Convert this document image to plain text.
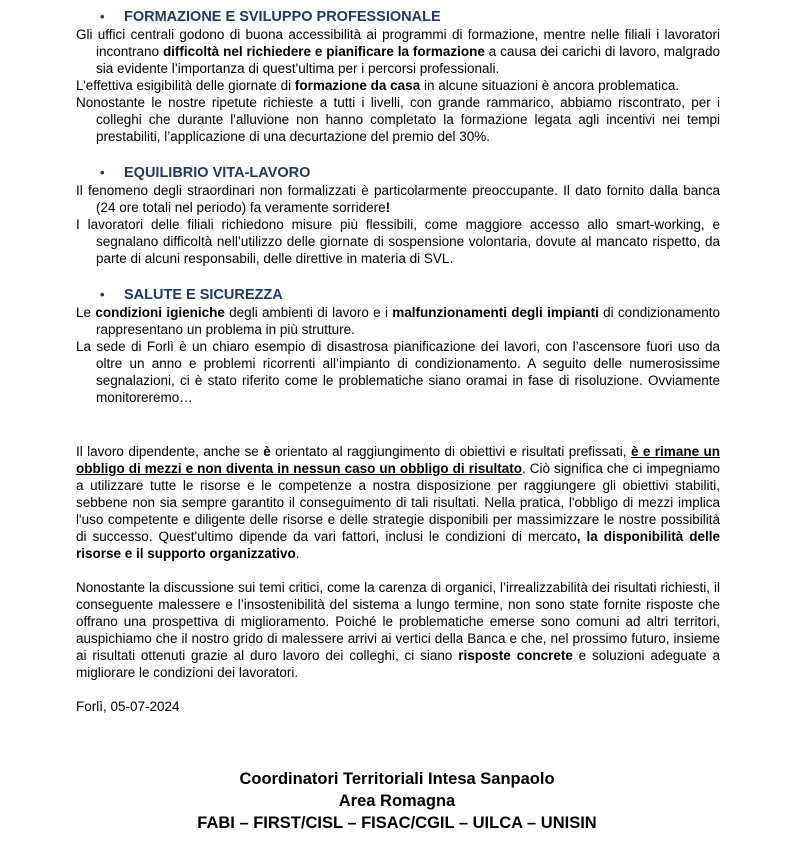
• FORMAZIONE E SVILUPPO PROFESSIONALE

Gli uffici centrali godono di buona accessibilità ai programmi di formazione, mentre nelle filiali i lavoratori incontrano difficoltà nel richiedere e pianificare la formazione a causa dei carichi di lavoro, malgrado sia evidente l’importanza di quest'ultima per i percorsi professionali.

L’effettiva esigibilità delle giornate di formazione da casa in alcune situazioni è ancora problematica.

Nonostante le nostre ripetute richieste a tutti i livelli, con grande rammarico, abbiamo riscontrato, per i colleghi che durante l'alluvione non hanno completato la formazione legata agli incentivi nei tempi prestabiliti, l’applicazione di una decurtazione del premio del 30%.

• EQUILIBRIO VITA-LAVORO

Il fenomeno degli straordinari non formalizzati è particolarmente preoccupante. Il dato fornito dalla banca (24 ore totali nel periodo) fa veramente sorridere!

I lavoratori delle filiali richiedono misure più flessibili, come maggiore accesso allo smart-working, e segnalano difficoltà nell’utilizzo delle giornate di sospensione volontaria, dovute al mancato rispetto, da parte di alcuni responsabili, delle direttive in materia di SVL.

• SALUTE E SICUREZZA

Le condizioni igieniche degli ambienti di lavoro e i malfunzionamenti degli impianti di condizionamento rappresentano un problema in più strutture.

La sede di Forlì è un chiaro esempio di disastrosa pianificazione dei lavori, con l’ascensore fuori uso da oltre un anno e problemi ricorrenti all’impianto di condizionamento. A seguito delle numerosissime segnalazioni, ci è stato riferito come le problematiche siano oramai in fase di risoluzione. Ovviamente monitoreremo…

Il lavoro dipendente, anche se è orientato al raggiungimento di obiettivi e risultati prefissati, è e rimane un obbligo di mezzi e non diventa in nessun caso un obbligo di risultato. Ciò significa che ci impegniamo a utilizzare tutte le risorse e le competenze a nostra disposizione per raggiungere gli obiettivi stabiliti, sebbene non sia sempre garantito il conseguimento di tali risultati. Nella pratica, l'obbligo di mezzi implica l'uso competente e diligente delle risorse e delle strategie disponibili per massimizzare le nostre possibilità di successo. Quest'ultimo dipende da vari fattori, inclusi le condizioni di mercato, la disponibilità delle risorse e il supporto organizzativo.

Nonostante la discussione sui temi critici, come la carenza di organici, l’irrealizzabilità dei risultati richiesti, il conseguente malessere e l’insostenibilità del sistema a lungo termine, non sono state fornite risposte che offrano una prospettiva di miglioramento. Poiché le problematiche emerse sono comuni ad altri territori, auspichiamo che il nostro grido di malessere arrivi ai vertici della Banca e che, nel prossimo futuro, insieme ai risultati ottenuti grazie al duro lavoro dei colleghi, ci siano risposte concrete e soluzioni adeguate a migliorare le condizioni dei lavoratori.

Forlì, 05-07-2024

Coordinatori Territoriali Intesa Sanpaolo
Area Romagna
FABI – FIRST/CISL – FISAC/CGIL – UILCA – UNISIN
